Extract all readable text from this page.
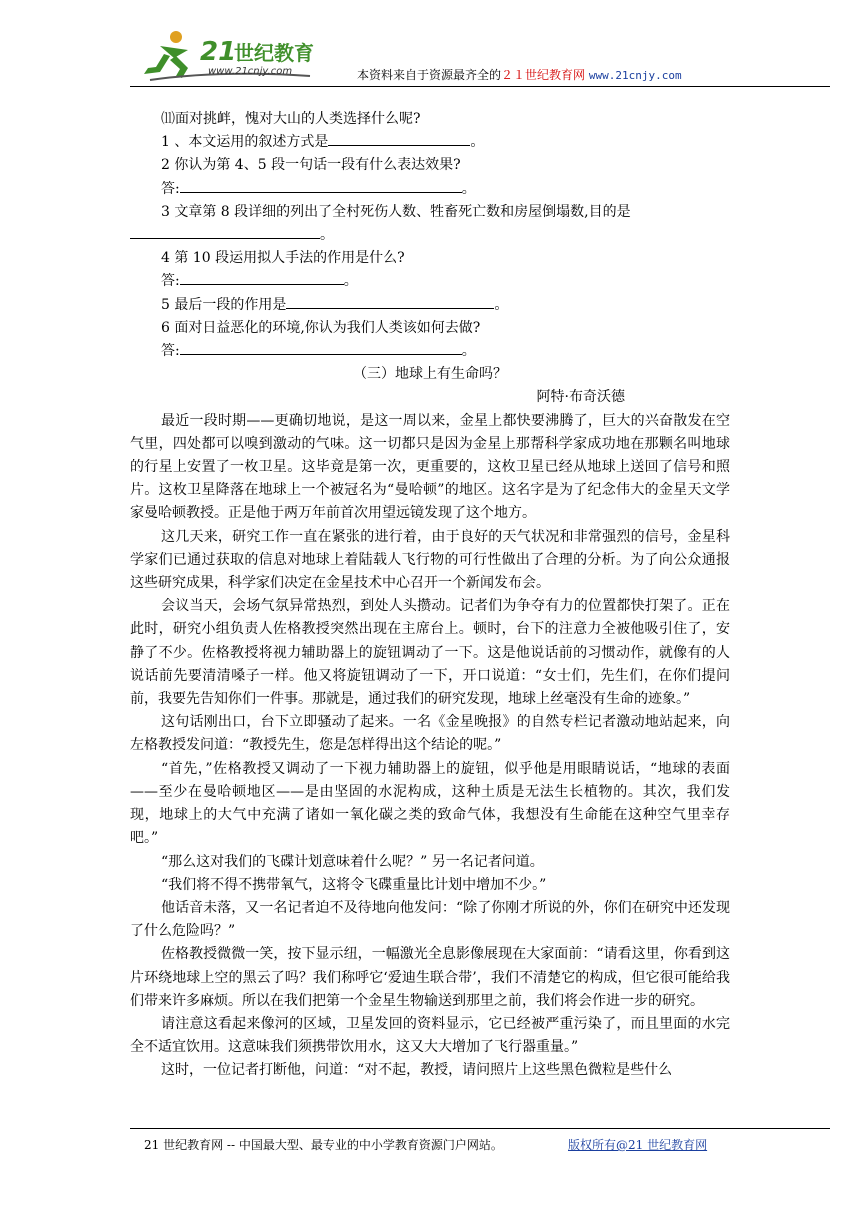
21
世纪教育
www.21cnjy.com	本资料来自于资源最齐全的２１世纪教育网 www.21cnjy.com

⑾面对挑衅，愧对大山的人类选择什么呢?

1 、本文运用的叙述方式是	。

2 你认为第 4、5 段一句话一段有什么表达效果?

答:	。

3 文章第 8 段详细的列出了全村死伤人数、牲畜死亡数和房屋倒塌数,目的是

。

4 第 10 段运用拟人手法的作用是什么?

答:	。

5 最后一段的作用是	。

6 面对日益恶化的环境,你认为我们人类该如何去做?

答:	。

（三）地球上有生命吗？

阿特·布奇沃德

最近一段时期——更确切地说，是这一周以来，金星上都快要沸腾了，巨大的兴奋散发在空气里，四处都可以嗅到激动的气味。这一切都只是因为金星上那帮科学家成功地在那颗名叫地球的行星上安置了一枚卫星。这毕竟是第一次，更重要的，这枚卫星已经从地球上送回了信号和照片。这枚卫星降落在地球上一个被冠名为“曼哈顿”的地区。这名字是为了纪念伟大的金星天文学家曼哈顿教授。正是他于两万年前首次用望远镜发现了这个地方。

这几天来，研究工作一直在紧张的进行着，由于良好的天气状况和非常强烈的信号，金星科学家们已通过获取的信息对地球上着陆载人飞行物的可行性做出了合理的分析。为了向公众通报这些研究成果，科学家们决定在金星技术中心召开一个新闻发布会。

会议当天，会场气氛异常热烈，到处人头攒动。记者们为争夺有力的位置都快打架了。正在此时，研究小组负责人佐格教授突然出现在主席台上。顿时，台下的注意力全被他吸引住了，安静了不少。佐格教授将视力辅助器上的旋钮调动了一下。这是他说话前的习惯动作，就像有的人说话前先要清清嗓子一样。他又将旋钮调动了一下，开口说道：“女士们，先生们，在你们提问前，我要先告知你们一件事。那就是，通过我们的研究发现，地球上丝毫没有生命的迹象。”

这句话刚出口，台下立即骚动了起来。一名《金星晚报》的自然专栏记者激动地站起来，向左格教授发问道：“教授先生，您是怎样得出这个结论的呢。”

“首先，”佐格教授又调动了一下视力辅助器上的旋钮，似乎他是用眼睛说话，“地球的表面——至少在曼哈顿地区——是由坚固的水泥构成，这种土质是无法生长植物的。其次，我们发现，地球上的大气中充满了诸如一氧化碳之类的致命气体，我想没有生命能在这种空气里幸存吧。”

“那么这对我们的飞碟计划意味着什么呢？” 另一名记者问道。

“我们将不得不携带氧气，这将令飞碟重量比计划中增加不少。”

他话音未落，又一名记者迫不及待地向他发问：“除了你刚才所说的外，你们在研究中还发现了什么危险吗？”

佐格教授微微一笑，按下显示纽，一幅激光全息影像展现在大家面前：“请看这里，你看到这片环绕地球上空的黑云了吗？我们称呼它‘爱迪生联合带’，我们不清楚它的构成，但它很可能给我们带来许多麻烦。所以在我们把第一个金星生物输送到那里之前，我们将会作进一步的研究。

请注意这看起来像河的区域，卫星发回的资料显示，它已经被严重污染了，而且里面的水完全不适宜饮用。这意味我们须携带饮用水，这又大大增加了飞行器重量。”

这时，一位记者打断他，问道：“对不起，教授，请问照片上这些黑色微粒是些什么

21 世纪教育网 -- 中国最大型、最专业的中小学教育资源门户网站。	版权所有@21 世纪教育网
